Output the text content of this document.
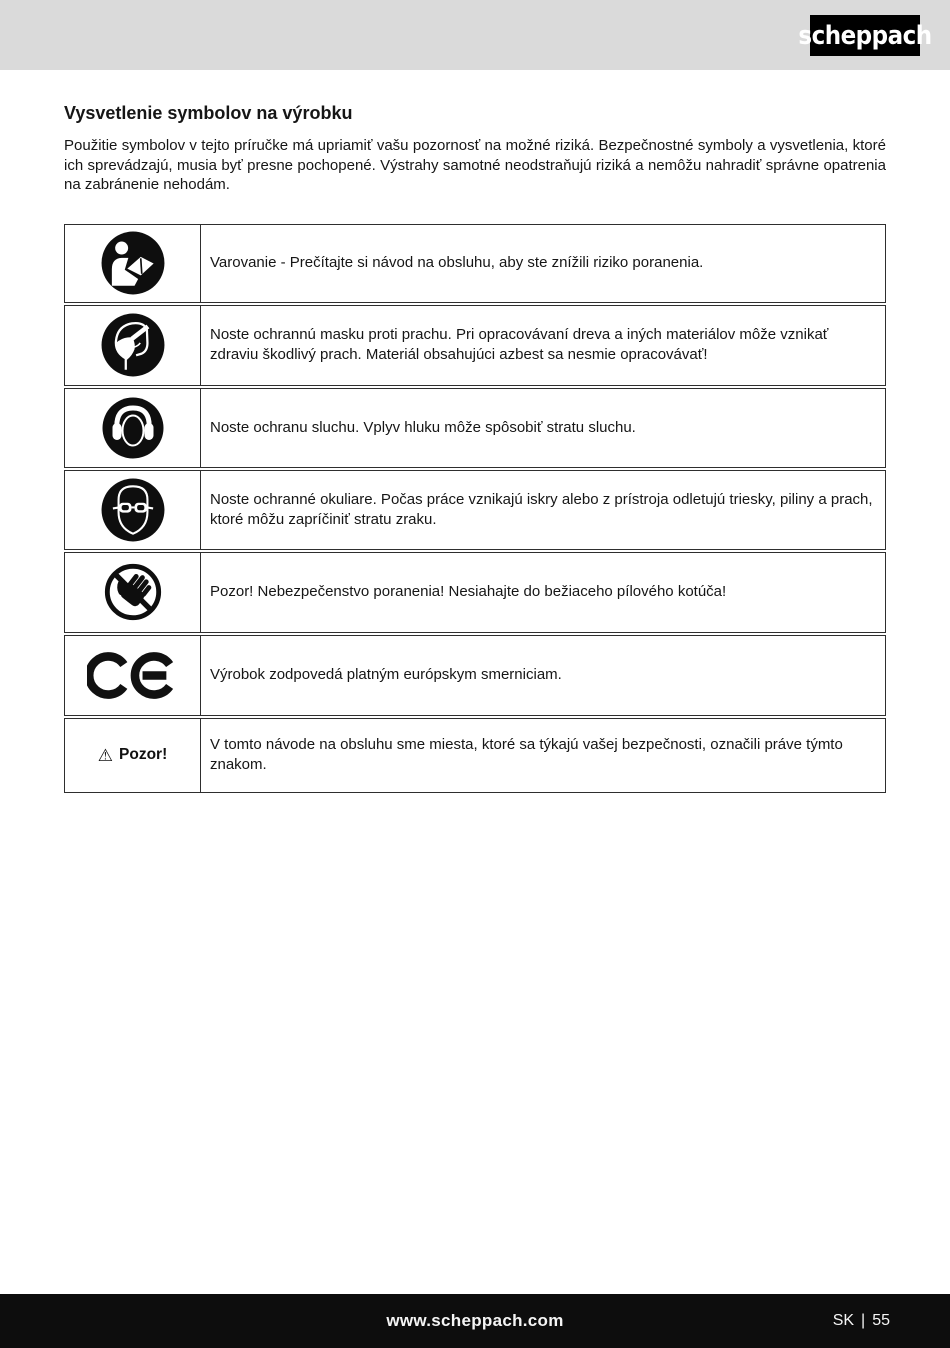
scheppach
Vysvetlenie symbolov na výrobku

Použitie symbolov v tejto príručke má upriamiť vašu pozornosť na možné riziká. Bezpečnostné symboly a vysvetlenia, ktoré ich sprevádzajú, musia byť presne pochopené. Výstrahy samotné neodstraňujú riziká a nemôžu nahradiť správne opatrenia na zabránenie nehodám.

Varovanie - Prečítajte si návod na obsluhu, aby ste znížili riziko poranenia.
Noste ochrannú masku proti prachu. Pri opracovávaní dreva a iných materiálov môže vznikať zdraviu škodlivý prach. Materiál obsahujúci azbest sa nesmie opracovávať!
Noste ochranu sluchu. Vplyv hluku môže spôsobiť stratu sluchu.
Noste ochranné okuliare. Počas práce vznikajú iskry alebo z prístroja odletujú triesky, piliny a prach, ktoré môžu zapríčiniť stratu zraku.
Pozor! Nebezpečenstvo poranenia! Nesiahajte do bežiaceho pílového kotúča!
Výrobok zodpovedá platným európskym smerniciam.
⚠ Pozor!
V tomto návode na obsluhu sme miesta, ktoré sa týkajú vašej bezpečnosti, označili práve týmto znakom.
www.scheppach.com	SK | 55
